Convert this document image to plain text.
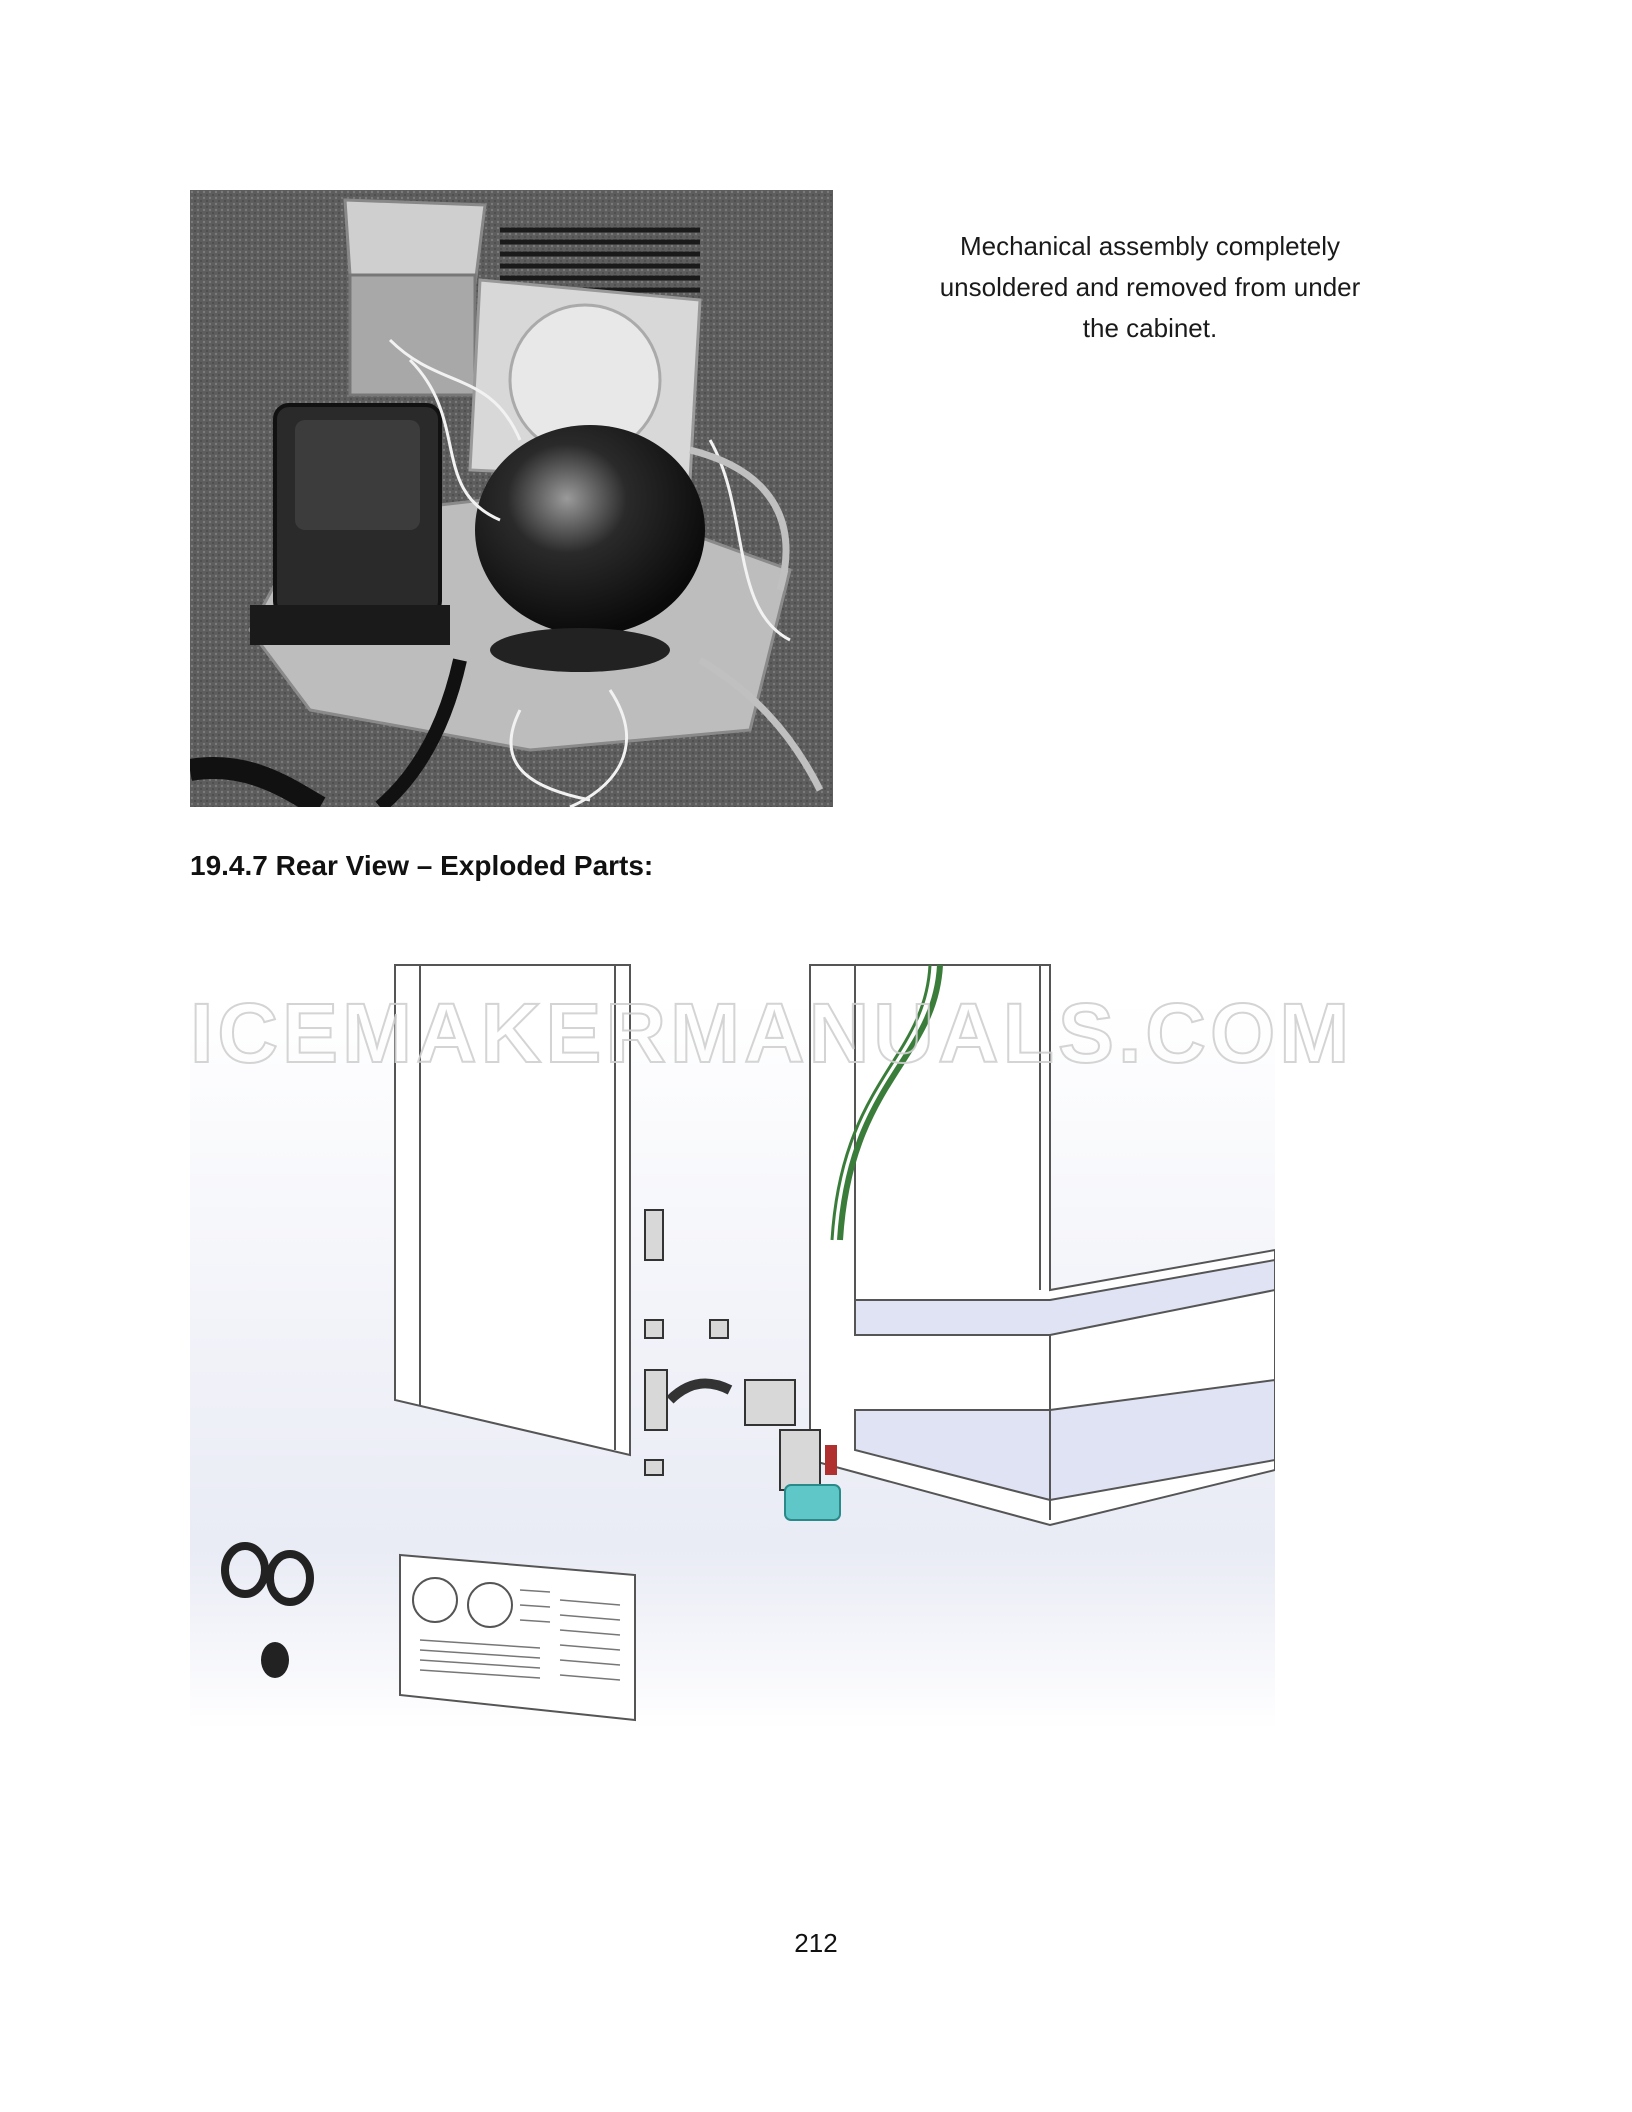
Mechanical assembly completely
unsoldered and removed from under
the cabinet.
19.4.7 Rear View – Exploded Parts:
ICEMAKERMANUALS.COM
212
